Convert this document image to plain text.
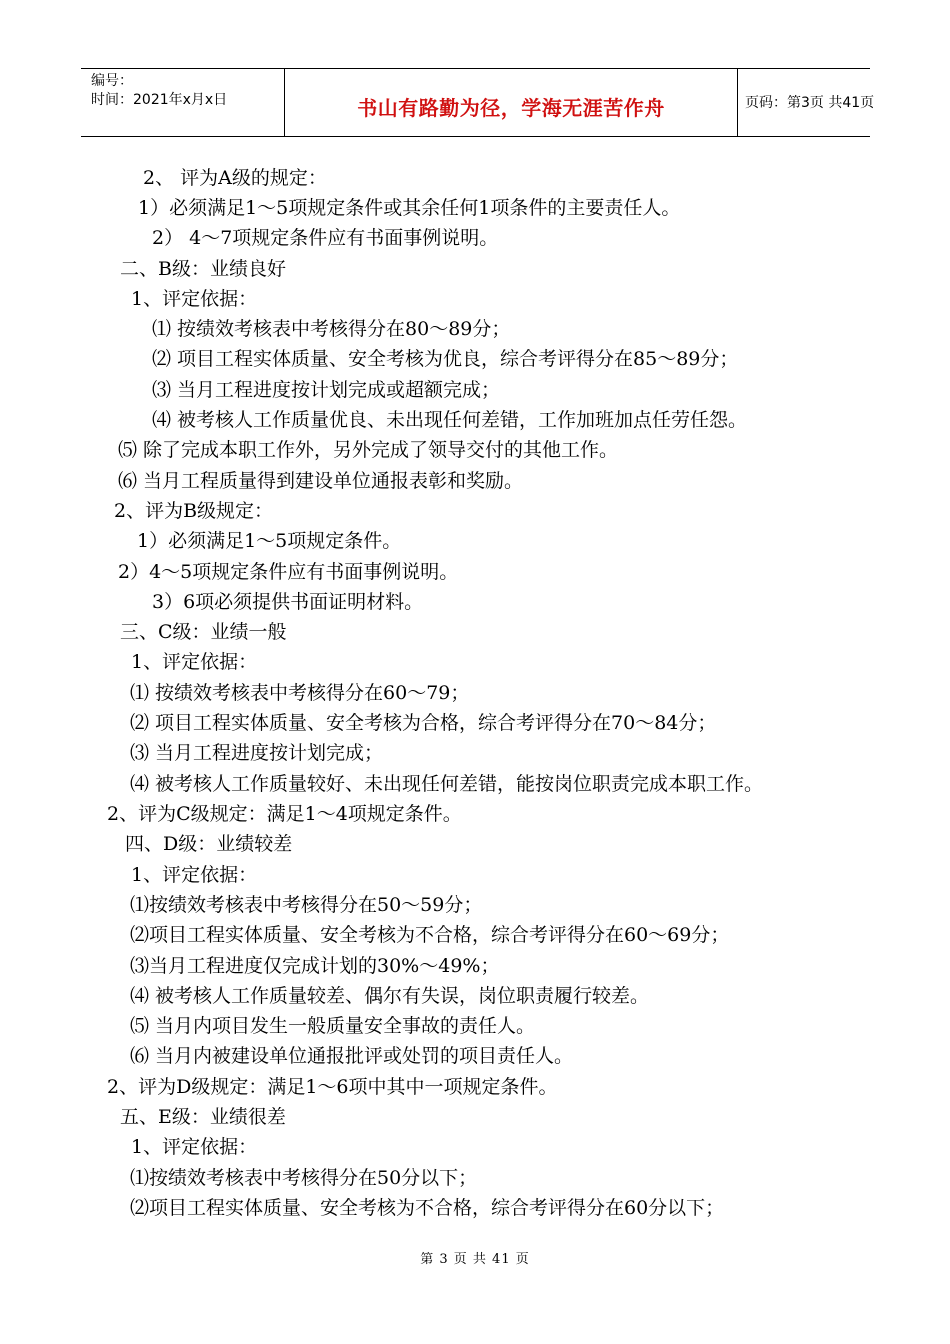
编号：
时间：2021年x月x日	书山有路勤为径，学海无涯苦作舟	页码：第3页 共41页
2、 评为A级的规定：
1）必须满足1～5项规定条件或其余任何1项条件的主要责任人。
2） 4～7项规定条件应有书面事例说明。
二、B级：业绩良好
1、评定依据：
⑴ 按绩效考核表中考核得分在80～89分；
⑵ 项目工程实体质量、安全考核为优良，综合考评得分在85～89分；
⑶ 当月工程进度按计划完成或超额完成；
⑷ 被考核人工作质量优良、未出现任何差错，工作加班加点任劳任怨。
⑸ 除了完成本职工作外，另外完成了领导交付的其他工作。
⑹ 当月工程质量得到建设单位通报表彰和奖励。
2、评为B级规定：
1）必须满足1～5项规定条件。
2）4～5项规定条件应有书面事例说明。
3）6项必须提供书面证明材料。
三、C级：业绩一般
1、评定依据：
⑴ 按绩效考核表中考核得分在60～79；
⑵ 项目工程实体质量、安全考核为合格，综合考评得分在70～84分；
⑶ 当月工程进度按计划完成；
⑷ 被考核人工作质量较好、未出现任何差错，能按岗位职责完成本职工作。
2、评为C级规定：满足1～4项规定条件。
四、D级：业绩较差
1、评定依据：
⑴按绩效考核表中考核得分在50～59分；
⑵项目工程实体质量、安全考核为不合格，综合考评得分在60～69分；
⑶当月工程进度仅完成计划的30%～49%；
⑷ 被考核人工作质量较差、偶尔有失误，岗位职责履行较差。
⑸ 当月内项目发生一般质量安全事故的责任人。
⑹ 当月内被建设单位通报批评或处罚的项目责任人。
2、评为D级规定：满足1～6项中其中一项规定条件。
五、E级：业绩很差
1、评定依据：
⑴按绩效考核表中考核得分在50分以下；
⑵项目工程实体质量、安全考核为不合格，综合考评得分在60分以下；
第 3 页 共 41 页
